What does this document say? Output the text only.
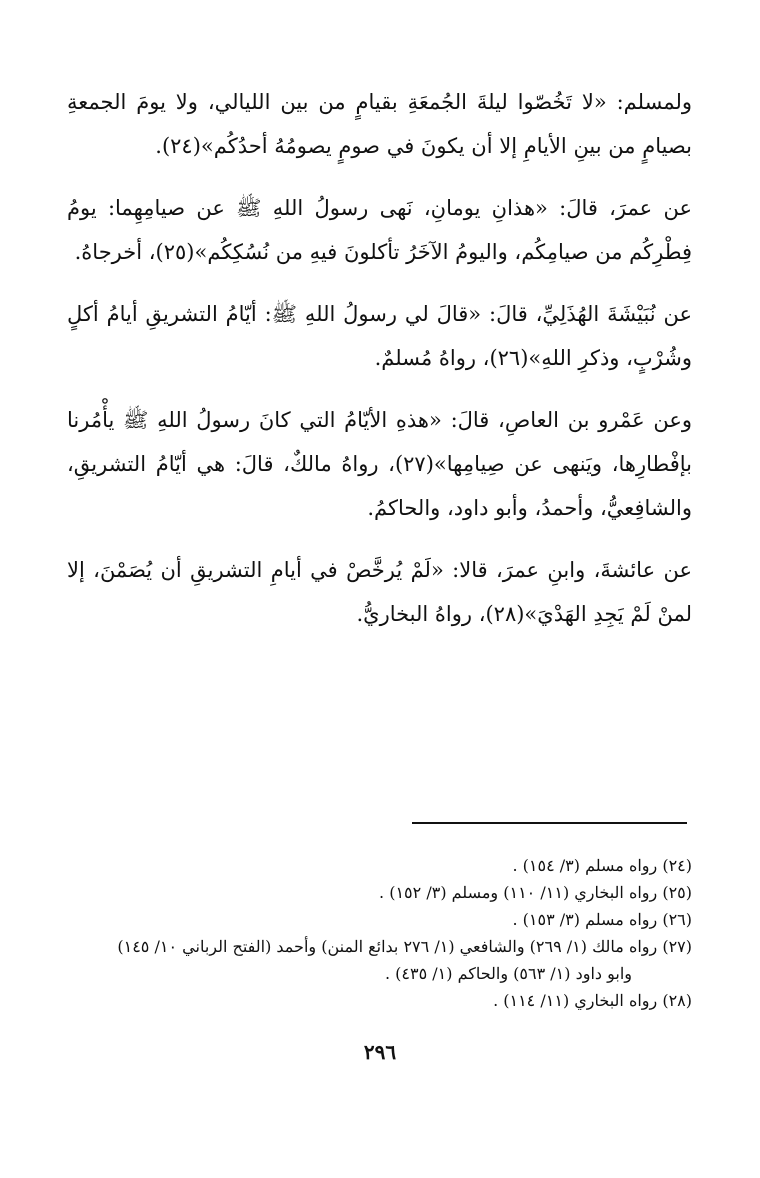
ولمسلم: «لا تَخُصّوا ليلةَ الجُمعَةِ بقيامٍ من بين الليالي، ولا يومَ الجمعةِ بصيامٍ من بينِ الأيامِ إلا أن يكونَ في صومٍ يصومُهُ أحدُكُم»(٢٤).

عن عمرَ، قالَ: «هذانِ يومانِ، نَهى رسولُ اللهِ ﷺ عن صيامِهِما: يومُ فِطْرِكُم من صيامِكُم، واليومُ الآخَرُ تأكلونَ فيهِ من نُسُكِكُم»(٢٥)، أخرجاهُ.

عن نُبَيْشَةَ الهُذَلِيِّ، قالَ: «قالَ لي رسولُ اللهِ ﷺ: أيّامُ التشريقِ أيامُ أكلٍ وشُرْبٍ، وذكرِ اللهِ»(٢٦)، رواهُ مُسلمٌ.

وعن عَمْرو بن العاصِ، قالَ: «هذهِ الأيّامُ التي كانَ رسولُ اللهِ ﷺ يأْمُرنا بإفْطارِها، ويَنهى عن صِيامِها»(٢٧)، رواهُ مالكٌ، قالَ: هي أيّامُ التشريقِ، والشافِعيُّ، وأحمدُ، وأبو داود، والحاكمُ.

عن عائشةَ، وابنِ عمرَ، قالا: «لَمْ يُرخَّصْ في أيامِ التشريقِ أن يُصَمْنَ، إلا لمنْ لَمْ يَجِدِ الهَدْيَ»(٢٨)، رواهُ البخاريُّ.

(٢٤) رواه مسلم (٣/ ١٥٤) .

(٢٥) رواه البخاري (١١/ ١١٠) ومسلم (٣/ ١٥٢) .

(٢٦) رواه مسلم (٣/ ١٥٣) .

(٢٧) رواه مالك (١/ ٢٦٩) والشافعي (١/ ٢٧٦ بدائع المنن) وأحمد (الفتح الرباني ١٠/ ١٤٥)

وابو داود (١/ ٥٦٣) والحاكم (١/ ٤٣٥) .

(٢٨) رواه البخاري (١١/ ١١٤) .

٢٩٦
